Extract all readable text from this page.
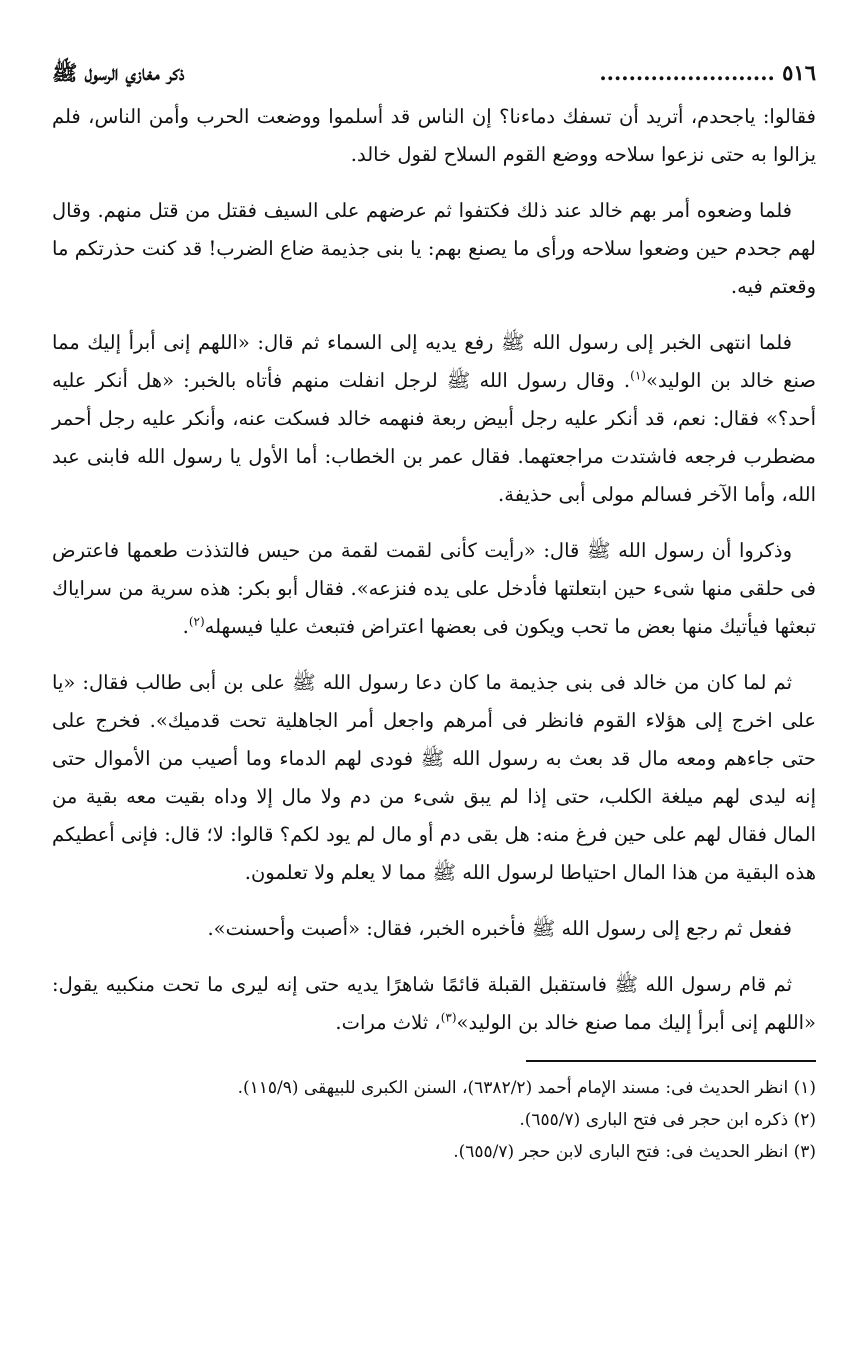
٥١٦ ........................
ذكر مغازي الرسول ﷺ

فقالوا: ياجحدم، أتريد أن تسفك دماءنا؟ إن الناس قد أسلموا ووضعت الحرب وأمن الناس، فلم يزالوا به حتى نزعوا سلاحه ووضع القوم السلاح لقول خالد.

فلما وضعوه أمر بهم خالد عند ذلك فكتفوا ثم عرضهم على السيف فقتل من قتل منهم. وقال لهم جحدم حين وضعوا سلاحه ورأى ما يصنع بهم: يا بنى جذيمة ضاع الضرب! قد كنت حذرتكم ما وقعتم فيه.

فلما انتهى الخبر إلى رسول الله ﷺ رفع يديه إلى السماء ثم قال: «اللهم إنى أبرأ إليك مما صنع خالد بن الوليد»$^{(١)}$. وقال رسول الله ﷺ لرجل انفلت منهم فأتاه بالخبر: «هل أنكر عليه أحد؟» فقال: نعم، قد أنكر عليه رجل أبيض ربعة فنهمه خالد فسكت عنه، وأنكر عليه رجل أحمر مضطرب فرجعه فاشتدت مراجعتهما. فقال عمر بن الخطاب: أما الأول يا رسول الله فابنى عبد الله، وأما الآخر فسالم مولى أبى حذيفة.

وذكروا أن رسول الله ﷺ قال: «رأيت كأنى لقمت لقمة من حيس فالتذذت طعمها فاعترض فى حلقى منها شىء حين ابتعلتها فأدخل على يده فنزعه». فقال أبو بكر: هذه سرية من سراياك تبعثها فيأتيك منها بعض ما تحب ويكون فى بعضها اعتراض فتبعث عليا فيسهله$^{(٢)}$.

ثم لما كان من خالد فى بنى جذيمة ما كان دعا رسول الله ﷺ على بن أبى طالب فقال: «يا على اخرج إلى هؤلاء القوم فانظر فى أمرهم واجعل أمر الجاهلية تحت قدميك». فخرج على حتى جاءهم ومعه مال قد بعث به رسول الله ﷺ فودى لهم الدماء وما أصيب من الأموال حتى إنه ليدى لهم ميلغة الكلب، حتى إذا لم يبق شىء من دم ولا مال إلا وداه بقيت معه بقية من المال فقال لهم على حين فرغ منه: هل بقى دم أو مال لم يود لكم؟ قالوا: لا؛ قال: فإنى أعطيكم هذه البقية من هذا المال احتياطا لرسول الله ﷺ مما لا يعلم ولا تعلمون.

ففعل ثم رجع إلى رسول الله ﷺ فأخبره الخبر، فقال: «أصبت وأحسنت».

ثم قام رسول الله ﷺ فاستقبل القبلة قائمًا شاهرًا يديه حتى إنه ليرى ما تحت منكبيه يقول: «اللهم إنى أبرأ إليك مما صنع خالد بن الوليد»$^{(٣)}$، ثلاث مرات.

(١) انظر الحديث فى: مسند الإمام أحمد (٦٣٨٢/٢)، السنن الكبرى للبيهقى (١١٥/٩).

(٢) ذكره ابن حجر فى فتح البارى (٦٥٥/٧).

(٣) انظر الحديث فى: فتح البارى لابن حجر (٦٥٥/٧).
